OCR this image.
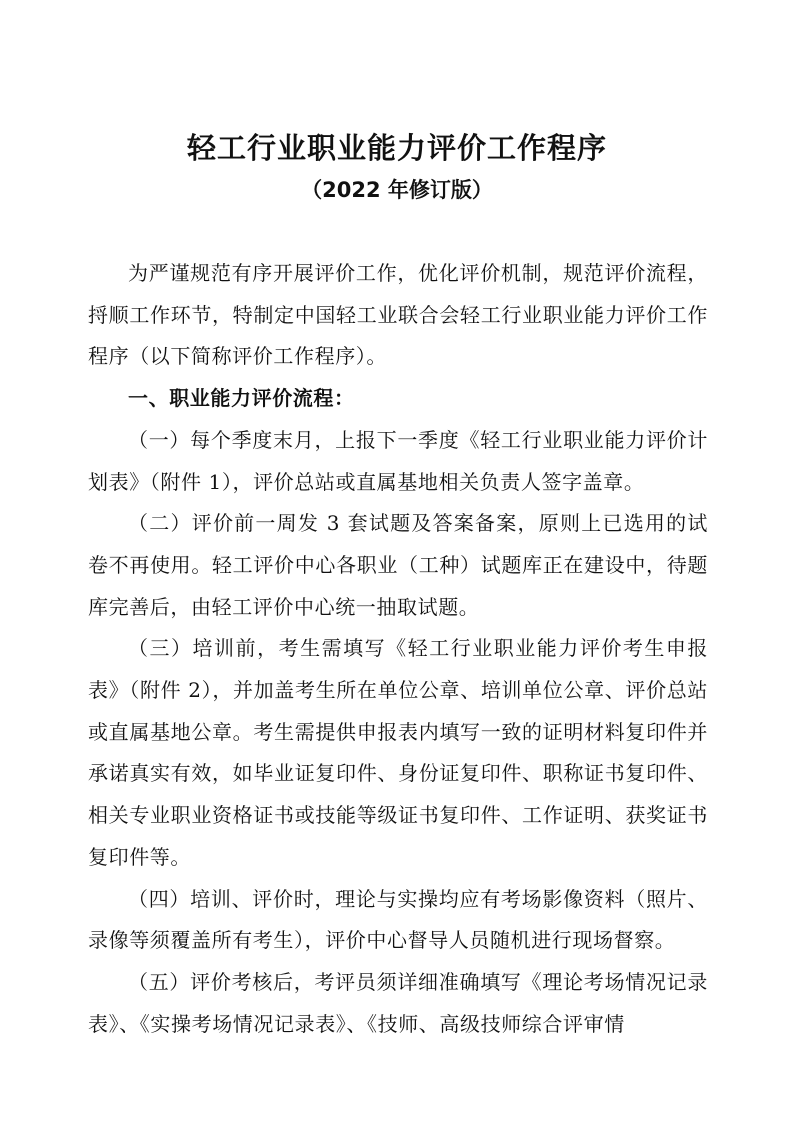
轻工行业职业能力评价工作程序
（2022 年修订版）

为严谨规范有序开展评价工作，优化评价机制，规范评价流程，捋顺工作环节，特制定中国轻工业联合会轻工行业职业能力评价工作程序（以下简称评价工作程序）。

一、职业能力评价流程：

（一）每个季度末月，上报下一季度《轻工行业职业能力评价计划表》（附件 1），评价总站或直属基地相关负责人签字盖章。

（二）评价前一周发 3 套试题及答案备案，原则上已选用的试卷不再使用。轻工评价中心各职业（工种）试题库正在建设中，待题库完善后，由轻工评价中心统一抽取试题。

（三）培训前，考生需填写《轻工行业职业能力评价考生申报表》（附件 2），并加盖考生所在单位公章、培训单位公章、评价总站或直属基地公章。考生需提供申报表内填写一致的证明材料复印件并承诺真实有效，如毕业证复印件、身份证复印件、职称证书复印件、相关专业职业资格证书或技能等级证书复印件、工作证明、获奖证书复印件等。

（四）培训、评价时，理论与实操均应有考场影像资料（照片、录像等须覆盖所有考生），评价中心督导人员随机进行现场督察。

（五）评价考核后，考评员须详细准确填写《理论考场情况记录表》、《实操考场情况记录表》、《技师、高级技师综合评审情
